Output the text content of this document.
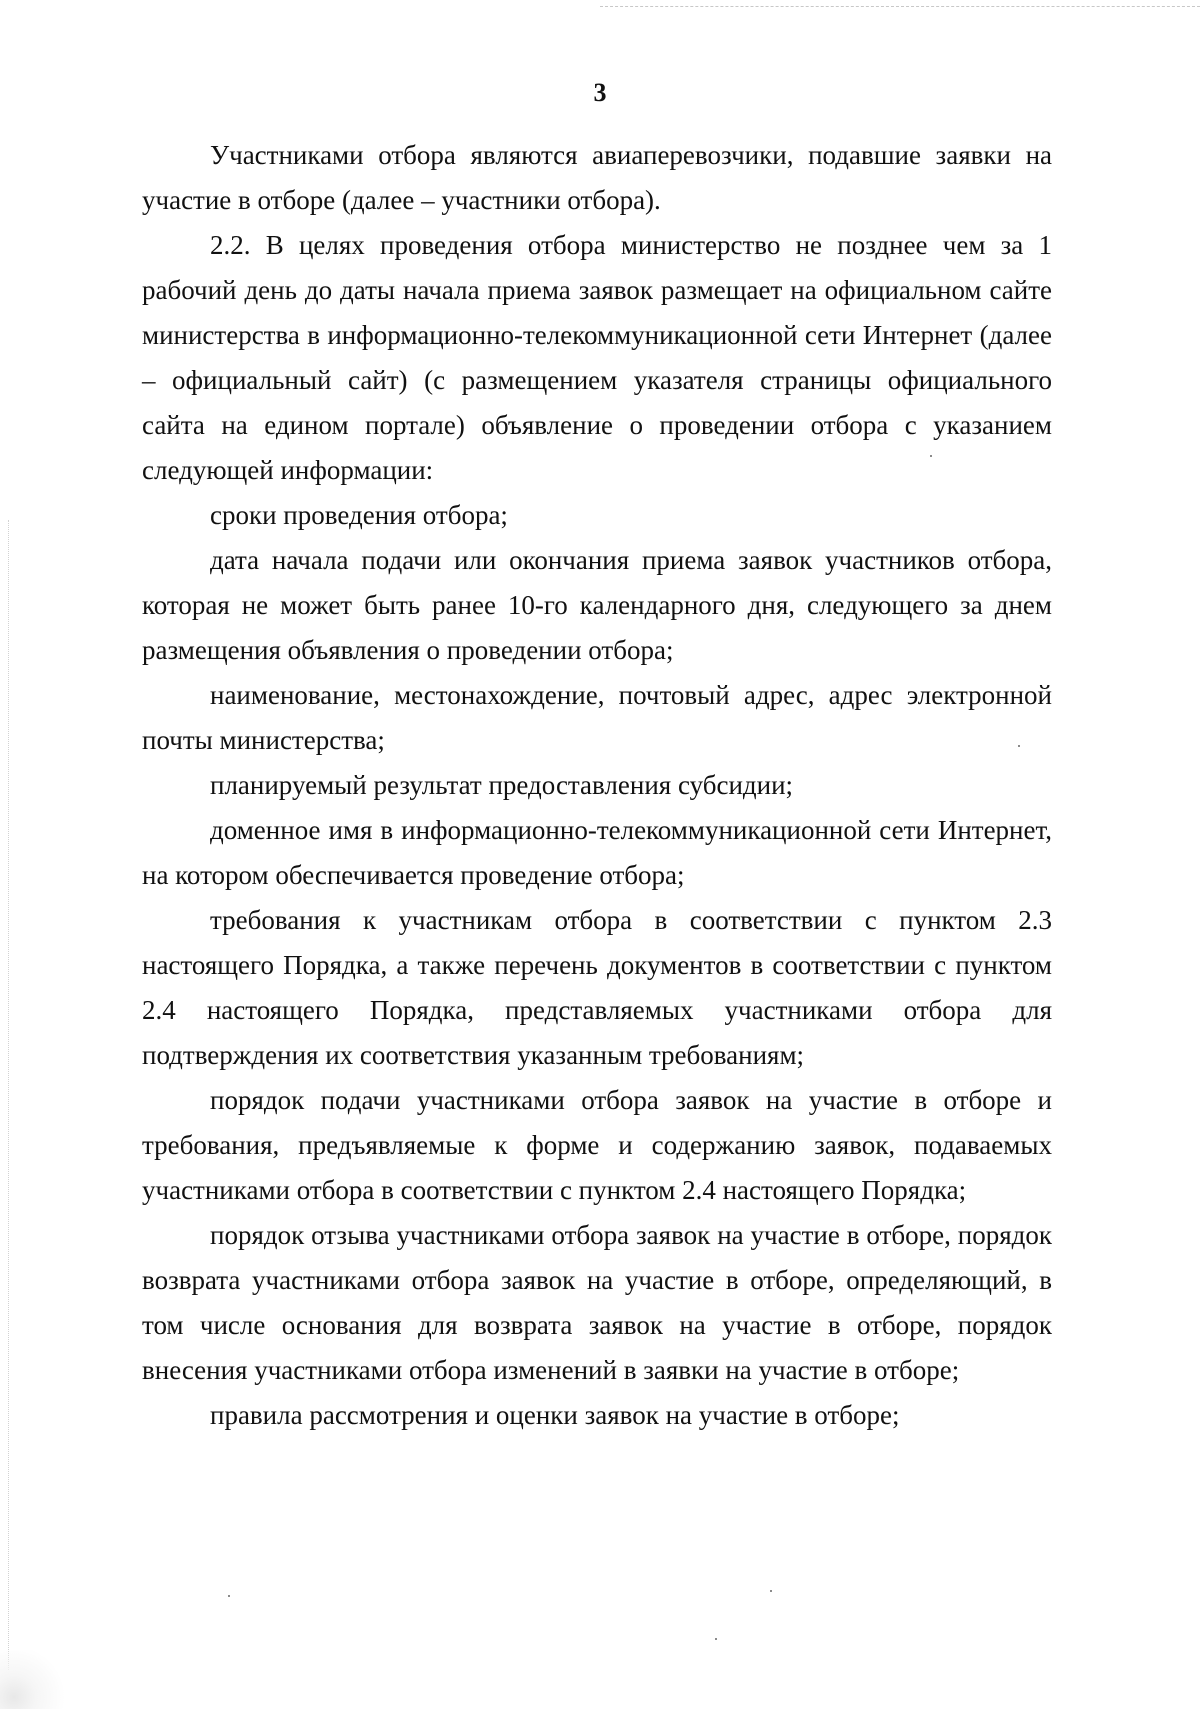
3

Участниками отбора являются авиаперевозчики, подавшие заявки на участие в отборе (далее – участники отбора).

2.2. В целях проведения отбора министерство не позднее чем за 1 рабочий день до даты начала приема заявок размещает на официальном сайте министерства в информационно-телекоммуникационной сети Интернет (далее – официальный сайт) (с размещением указателя страницы официального сайта на едином портале) объявление о проведении отбора с указанием следующей информации:

сроки проведения отбора;

дата начала подачи или окончания приема заявок участников отбора, которая не может быть ранее 10-го календарного дня, следующего за днем размещения объявления о проведении отбора;

наименование, местонахождение, почтовый адрес, адрес электронной почты министерства;

планируемый результат предоставления субсидии;

доменное имя в информационно-телекоммуникационной сети Интернет, на котором обеспечивается проведение отбора;

требования к участникам отбора в соответствии с пунктом 2.3 настоящего Порядка, а также перечень документов в соответствии с пунктом 2.4 настоящего Порядка, представляемых участниками отбора для подтверждения их соответствия указанным требованиям;

порядок подачи участниками отбора заявок на участие в отборе и требования, предъявляемые к форме и содержанию заявок, подаваемых участниками отбора в соответствии с пунктом 2.4 настоящего Порядка;

порядок отзыва участниками отбора заявок на участие в отборе, порядок возврата участниками отбора заявок на участие в отборе, определяющий, в том числе основания для возврата заявок на участие в отборе, порядок внесения участниками отбора изменений в заявки на участие в отборе;

правила рассмотрения и оценки заявок на участие в отборе;
